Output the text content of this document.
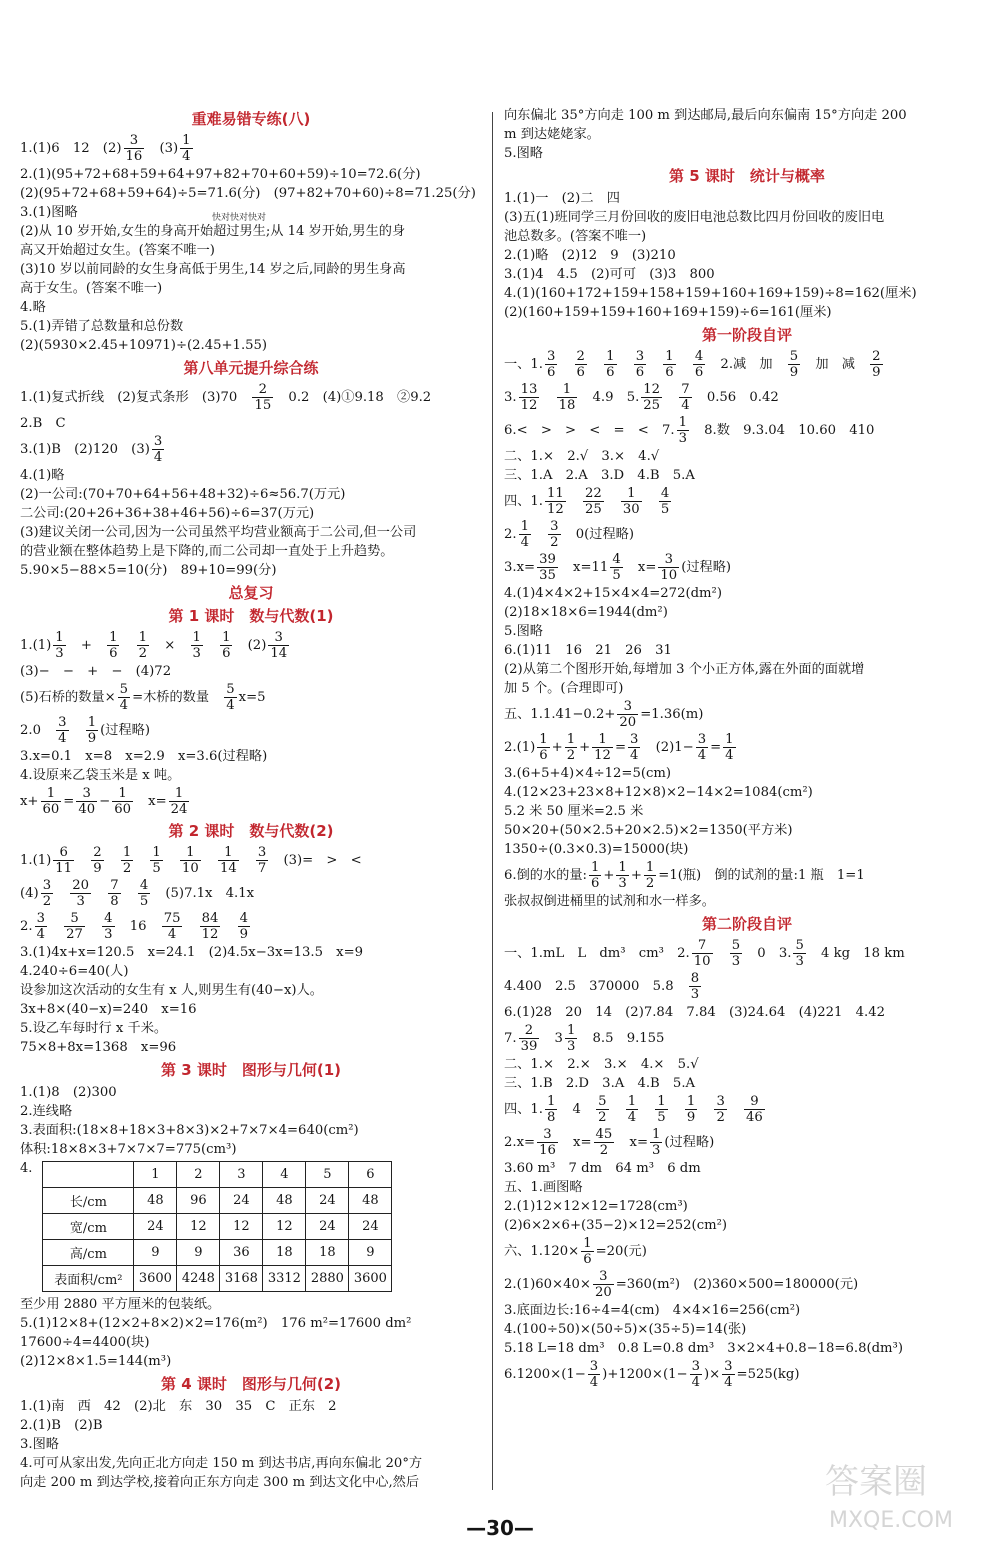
重难易错专练(八)
1.(1)6　12　$(2) \frac{3}{16}$ 　$(3) \frac{1}{4}$
2.(1)(95+72+68+59+64+97+82+70+60+59)÷10=72.6(分)
(2)(95+72+68+59+64)÷5=71.6(分)　(97+82+70+60)÷8=71.25(分)
3.(1)图略
(2)从 10 岁开始,女生的身高开始超过男生;从 14 岁开始,男生的身
高又开始超过女生。(答案不唯一)
(3)10 岁以前同龄的女生身高低于男生,14 岁之后,同龄的男生身高
高于女生。(答案不唯一)
4.略
5.(1)弄错了总数量和总份数
(2)(5930×2.45+10971)÷(2.45+1.55)
第八单元提升综合练
1.(1)复式折线　(2)复式条形　(3)70　 $\frac{2}{15}$ 　0.2　(4)①9.18　②9.2
2.B　C
3.(1)B　(2)120　$(3) \frac{3}{4}$
4.(1)略
(2)一公司:(70+70+64+56+48+32)÷6≈56.7(万元)
二公司:(20+26+36+38+46+56)÷6=37(万元)
(3)建议关闭一公司,因为一公司虽然平均营业额高于二公司,但一公司
的营业额在整体趋势上是下降的,而二公司却一直处于上升趋势。
5.90×5−88×5=10(分)　89+10=99(分)
总复习
第 1 课时　数与代数(1)
$1.(1) \frac{1}{3}$ 　+　 $\frac{1}{6}$
　 $\frac{1}{2}$ 　×　 $\frac{1}{3}$
　 $\frac{1}{6}$ 　$(2) \frac{3}{14}$
(3)−　−　+　−　(4)72
(5)石桥的数量× $\frac{5}{4}$ =木桥的数量　 $\frac{5}{4} x=5$
2.0　 $\frac{3}{4}$
　 $\frac{1}{9}$ (过程略)
3.x=0.1　x=8　x=2.9　x=3.6(过程略)
4.设原来乙袋玉米是 x 吨。
$x+ \frac{1}{60} = \frac{3}{40} - \frac{1}{60}$ 　$x= \frac{1}{24}$
第 2 课时　数与代数(2)
$1.(1) \frac{6}{11}$
　 $\frac{2}{9}$
　 $\frac{1}{2}$
　 $\frac{1}{5}$
　 $\frac{1}{10}$
　 $\frac{1}{14}$
　 $\frac{3}{7}$ 　(3)=　>　<
$(4) \frac{3}{2}$
　 $\frac{20}{3}$
　 $\frac{7}{8}$
　 $\frac{4}{5}$ 　(5)7.1x　4.1x
2. $\frac{3}{4}$
　 $\frac{5}{27}$
　 $\frac{4}{3}$ 　16　 $\frac{75}{4}$
　 $\frac{84}{12}$
　 $\frac{4}{9}$
3.(1)4x+x=120.5　x=24.1　(2)4.5x−3x=13.5　x=9
4.240÷6=40(人)
设参加这次活动的女生有 x 人,则男生有(40−x)人。
3x+8×(40−x)=240　x=16
5.设乙车每时行 x 千米。
75×8+8x=1368　x=96
第 3 课时　图形与几何(1)
1.(1)8　(2)300
2.连线略
3.表面积:(18×8+18×3+8×3)×2+7×7×4=640(cm²)
体积:18×8×3+7×7×7=775(cm³)
4.
		1	2	3	4	5	6
长/cm	48	96	24	48	24	48
宽/cm	24	12	12	12	24	24
高/cm	9	9	36	18	18	9
表面积/cm²	3600	4248	3168	3312	2880	3600
至少用 2880 平方厘米的包装纸。
5.(1)12×8+(12×2+8×2)×2=176(m²)　176 m²=17600 dm²
17600÷4=4400(块)
(2)12×8×1.5=144(m³)
第 4 课时　图形与几何(2)
1.(1)南　西　42　(2)北　东　30　35　C　正东　2
2.(1)B　(2)B
3.图略
4.可可从家出发,先向正北方向走 150 m 到达书店,再向东偏北 20°方
向走 200 m 到达学校,接着向正东方向走 300 m 到达文化中心,然后
向东偏北 35°方向走 100 m 到达邮局,最后向东偏南 15°方向走 200
m 到达姥姥家。
5.图略
第 5 课时　统计与概率
1.(1)一　(2)二　四
(3)五(1)班同学三月份回收的废旧电池总数比四月份回收的废旧电
池总数多。(答案不唯一)
2.(1)略　(2)12　9　(3)210
3.(1)4　4.5　(2)可可　(3)3　800
4.(1)(160+172+159+158+159+160+169+159)÷8=162(厘米)
(2)(160+159+159+160+169+159)÷6=161(厘米)
第一阶段自评
一、1. $\frac{3}{6}$
　 $\frac{2}{6}$
　 $\frac{1}{6}$
　 $\frac{3}{6}$
　 $\frac{1}{6}$
　 $\frac{4}{6}$ 　2.减　加　 $\frac{5}{9}$ 　加　减　 $\frac{2}{9}$
3. $\frac{13}{12}$
　 $\frac{1}{18}$ 　4.9　5. $\frac{12}{25}$
　 $\frac{7}{4}$ 　0.56　0.42
6.<　>　>　<　=　<　7. $\frac{1}{3}$ 　8.数　9.3.04　10.60　410
二、1.×　2.√　3.×　4.√
三、1.A　2.A　3.D　4.B　5.A
四、1. $\frac{11}{12}$
　 $\frac{22}{25}$
　 $\frac{1}{30}$
　 $\frac{4}{5}$
2. $\frac{1}{4}$
　 $\frac{3}{2}$ 　0(过程略)
$3.x= \frac{39}{35}$ 　$x=11 \frac{4}{5}$ 　$x= \frac{3}{10}$ (过程略)
4.(1)4×4×2+15×4×4=272(dm²)
(2)18×18×6=1944(dm²)
5.图略
6.(1)11　16　21　26　31
(2)从第二个图形开始,每增加 3 个小正方体,露在外面的面就增
加 5 个。(合理即可)
五、$1.1.41-0.2+ \frac{3}{20} =1.36(m)$
$2.(1) \frac{1}{6} + \frac{1}{2} + \frac{1}{12} = \frac{3}{4}$ 　$(2)1- \frac{3}{4} = \frac{1}{4}$
3.(6+5+4)×4÷12=5(cm)
4.(12×23+23×8+12×8)×2−14×2=1084(cm²)
5.2 米 50 厘米=2.5 米
50×20+(50×2.5+20×2.5)×2=1350(平方米)
1350÷(0.3×0.3)=15000(块)
6.倒的水的量: $\frac{1}{6} + \frac{1}{3} + \frac{1}{2} =1$(瓶)　倒的试剂的量:1 瓶　1=1
张叔叔倒进桶里的试剂和水一样多。
第二阶段自评
一、1.mL　L　dm³　cm³　2. $\frac{7}{10}$
　 $\frac{5}{3}$ 　0　3. $\frac{5}{3}$ 　4 kg　18 km
4.400　2.5　370000　5.8　 $\frac{8}{3}$
6.(1)28　20　14　(2)7.84　7.84　(3)24.64　(4)221　4.42
7. $\frac{2}{39}$ 　$3 \frac{1}{3}$ 　8.5　9.155
二、1.×　2.×　3.×　4.×　5.√
三、1.B　2.D　3.A　4.B　5.A
四、1. $\frac{1}{8}$ 　4　 $\frac{5}{2}$
　 $\frac{1}{4}$
　 $\frac{1}{5}$
　 $\frac{1}{9}$
　 $\frac{3}{2}$
　 $\frac{9}{46}$
$2.x= \frac{3}{16}$ 　$x= \frac{45}{2}$ 　$x= \frac{1}{3}$ (过程略)
3.60 m³　7 dm　64 m³　6 dm
五、1.画图略
2.(1)12×12×12=1728(cm³)
(2)6×2×6+(35−2)×12=252(cm²)
六、$1.120\times \frac{1}{6} =20$(元)
$2.(1)60\times 40\times \frac{3}{20} =360(m^2)$　(2)360×500=180000(元)
3.底面边长:16÷4=4(cm)　4×4×16=256(cm²)
4.(100÷50)×(50÷5)×(35÷5)=14(张)
5.18 L=18 dm³　0.8 L=0.8 dm³　3×2×4+0.8−18=6.8(dm³)
$6.1200\times(1- \frac{3}{4} )+1200\times(1- \frac{3}{4}$ )× $\frac{3}{4} =525(kg)$
—30—
答案圈
MXQE.COM
快对快对快对
